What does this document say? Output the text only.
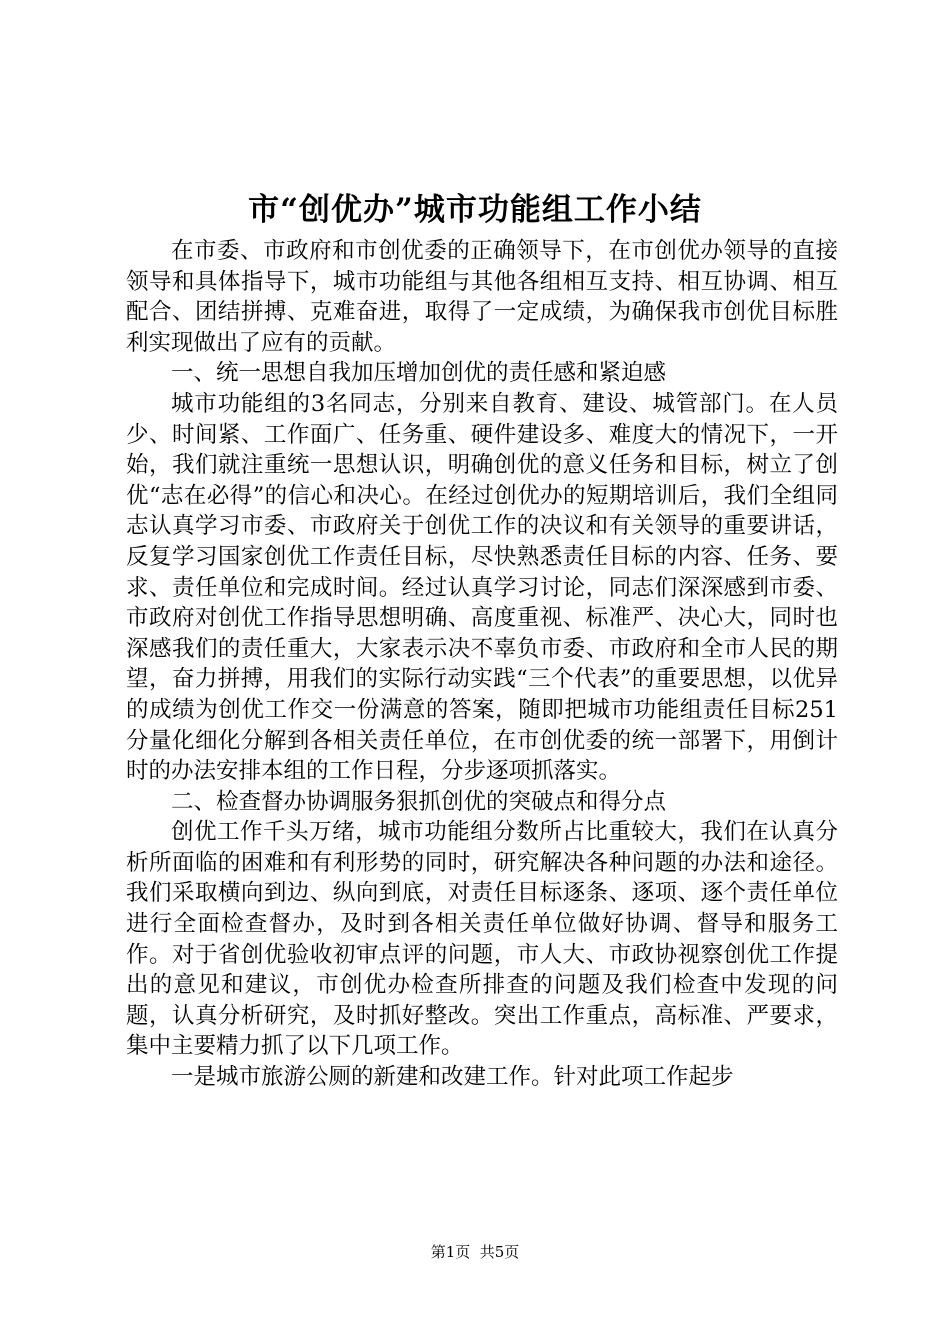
市“创优办”城市功能组工作小结

在市委、市政府和市创优委的正确领导下，在市创优办领导的直接领导和具体指导下，城市功能组与其他各组相互支持、相互协调、相互配合、团结拼搏、克难奋进，取得了一定成绩，为确保我市创优目标胜利实现做出了应有的贡献。

一、统一思想自我加压增加创优的责任感和紧迫感

城市功能组的3名同志，分别来自教育、建设、城管部门。在人员少、时间紧、工作面广、任务重、硬件建设多、难度大的情况下，一开始，我们就注重统一思想认识，明确创优的意义任务和目标，树立了创优“志在必得”的信心和决心。在经过创优办的短期培训后，我们全组同志认真学习市委、市政府关于创优工作的决议和有关领导的重要讲话，反复学习国家创优工作责任目标，尽快熟悉责任目标的内容、任务、要求、责任单位和完成时间。经过认真学习讨论，同志们深深感到市委、市政府对创优工作指导思想明确、高度重视、标准严、决心大，同时也深感我们的责任重大，大家表示决不辜负市委、市政府和全市人民的期望，奋力拼搏，用我们的实际行动实践“三个代表”的重要思想，以优异的成绩为创优工作交一份满意的答案，随即把城市功能组责任目标251分量化细化分解到各相关责任单位，在市创优委的统一部署下，用倒计时的办法安排本组的工作日程，分步逐项抓落实。

二、检查督办协调服务狠抓创优的突破点和得分点

创优工作千头万绪，城市功能组分数所占比重较大，我们在认真分析所面临的困难和有利形势的同时，研究解决各种问题的办法和途径。我们采取横向到边、纵向到底，对责任目标逐条、逐项、逐个责任单位进行全面检查督办，及时到各相关责任单位做好协调、督导和服务工作。对于省创优验收初审点评的问题，市人大、市政协视察创优工作提出的意见和建议，市创优办检查所排查的问题及我们检查中发现的问题，认真分析研究，及时抓好整改。突出工作重点，高标准、严要求，集中主要精力抓了以下几项工作。

一是城市旅游公厕的新建和改建工作。针对此项工作起步

第1页  共5页
